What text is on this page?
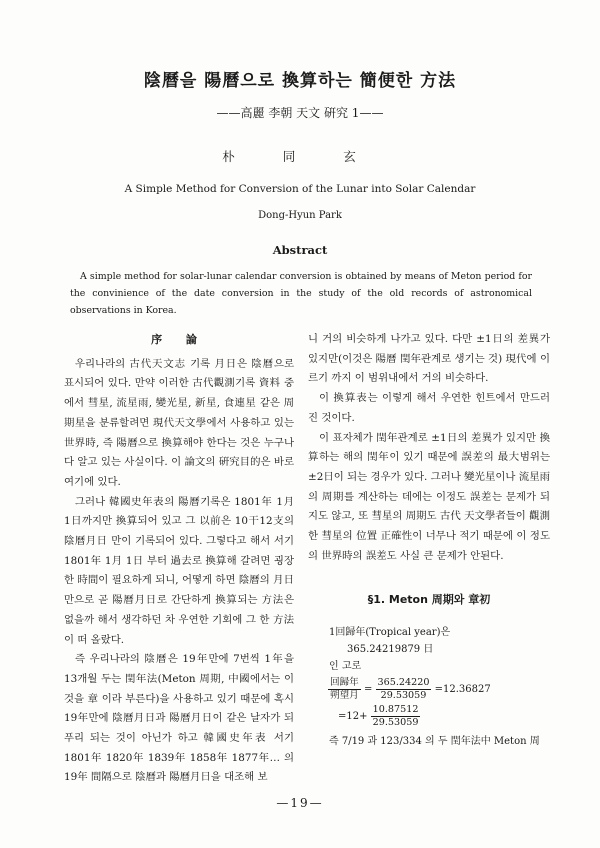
陰曆을 陽曆으로 換算하는 簡便한 方法
——高麗 李朝 天文 硏究 1——
朴 同 玄
A Simple Method for Conversion of the Lunar into Solar Calendar
Dong-Hyun Park
Abstract
A simple method for solar-lunar calendar conversion is obtained by means of Meton period for the convinience of the date conversion in the study of the old records of astronomical observations in Korea.
序 論

우리나라의 古代天文志 기록 月日은 陰曆으로 표시되어 있다. 만약 이러한 古代觀測기록 資料 중에서 彗星, 流星雨, 變光星, 新星, 食連星 같은 周期星을 분류할려면 現代天文學에서 사용하고 있는 世界時, 즉 陽曆으로 換算해야 한다는 것은 누구나 다 알고 있는 사실이다. 이 論文의 硏究目的은 바로 여기에 있다.

그러나 韓國史年表의 陽曆기록은 1801年 1月 1日까지만 換算되어 있고 그 以前은 10干12支의 陰曆月日 만이 기록되어 있다. 그렇다고 해서 서기 1801年 1月 1日 부터 過去로 換算해 갈려면 굉장한 時間이 필요하게 되니, 어떻게 하면 陰曆의 月日만으로 곧 陽曆月日로 간단하게 換算되는 方法은 없을까 해서 생각하던 차 우연한 기회에 그 한 方法이 떠 올랐다.

즉 우리나라의 陰曆은 19年만에 7번씩 1年을 13개월 두는 閏年法(Meton 周期, 中國에서는 이것을 章 이라 부른다)을 사용하고 있기 때문에 혹시 19年만에 陰曆月日과 陽曆月日이 같은 날자가 되푸리 되는 것이 아닌가 하고 韓國史年表 서기 1801年 1820年 1839年 1858年 1877年… 의 19年 間隔으로 陰曆과 陽曆月日을 대조해 보

니 거의 비슷하게 나가고 있다. 다만 ±1日의 差異가 있지만(이것은 陽曆 閏年관계로 생기는 것) 現代에 이르기 까지 이 범위내에서 거의 비슷하다.

이 換算表는 이렇게 해서 우연한 힌트에서 만드러진 것이다.

이 표자체가 閏年관계로 ±1日의 差異가 있지만 換算하는 해의 閏年이 있기 때문에 誤差의 最大범위는 ±2日이 되는 경우가 있다. 그러나 變光星이나 流星雨의 周期를 계산하는 데에는 이정도 誤差는 문제가 되지도 않고, 또 彗星의 周期도 古代 天文學者들이 觀測한 彗星의 位置 正確性이 너무나 적기 때문에 이 정도의 世界時의 誤差도 사실 큰 문제가 안된다.

§1. Meton 周期와 章初

1回歸年(Tropical year)은

365.24219879 日

인 고로

$\frac{\text{回歸年}}{\text{朔望月}} = \frac{365.24220}{29.53059} =12.36827$
$=12+ \frac{10.87512}{29.53059}$

즉 7/19 과 123/334 의 두 閏年法中 Meton 周

—19—
